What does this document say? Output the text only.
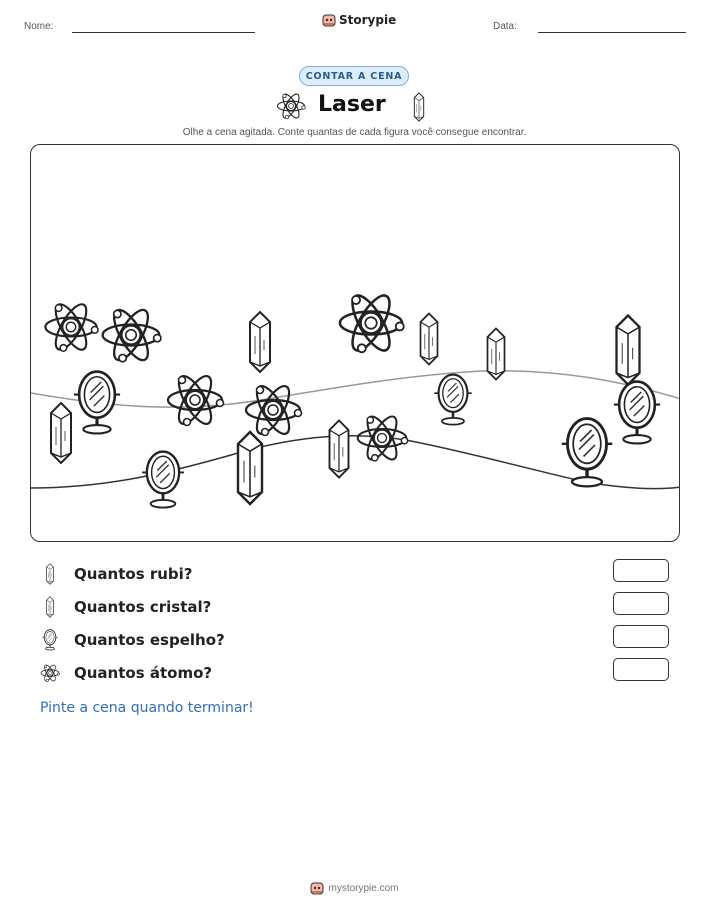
Nome:	Storypie	Data:
CONTAR A CENA
Laser
Olhe a cena agitada. Conte quantas de cada figura você consegue encontrar.
Quantos rubi?
Quantos cristal?
Quantos espelho?
Quantos átomo?
Pinte a cena quando terminar!
mystorypie.com
